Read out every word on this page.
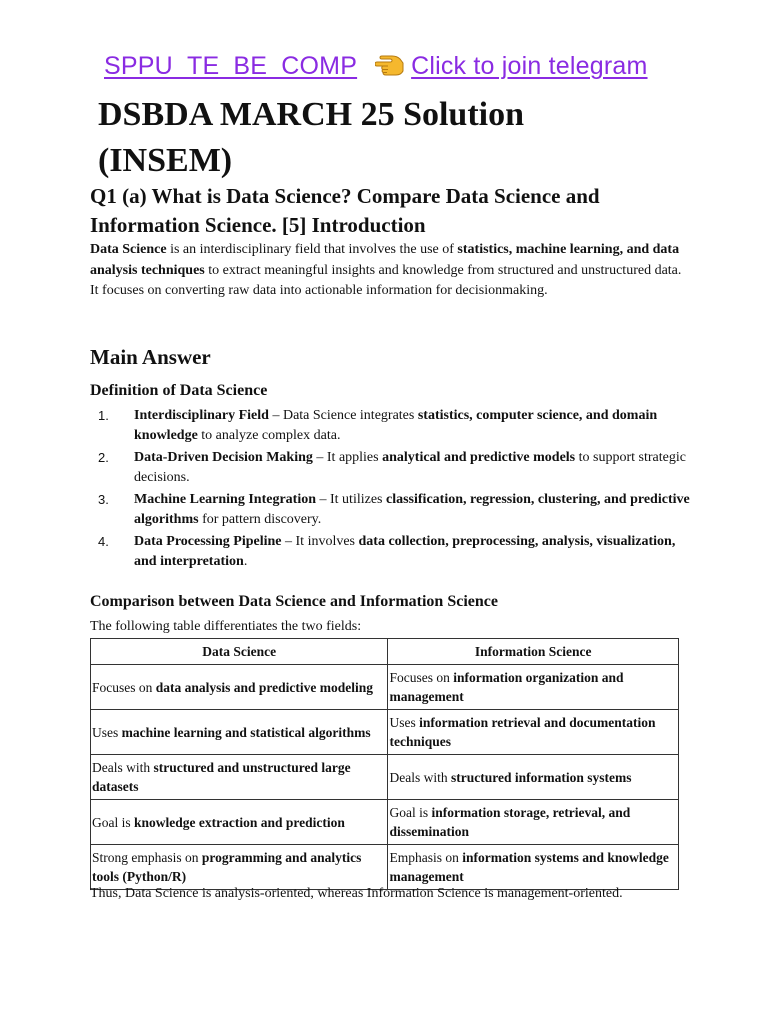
SPPU_TE_BE_COMP Click to join telegram
DSBDA MARCH 25 Solution (INSEM)
Q1 (a) What is Data Science? Compare Data Science and Information Science. [5] Introduction

Data Science is an interdisciplinary field that involves the use of statistics, machine learning, and data analysis techniques to extract meaningful insights and knowledge from structured and unstructured data. It focuses on converting raw data into actionable information for decisionmaking.

Main Answer
Definition of Data Science
1. Interdisciplinary Field – Data Science integrates statistics, computer science, and domain knowledge to analyze complex data.
2. Data-Driven Decision Making – It applies analytical and predictive models to support strategic decisions.
3. Machine Learning Integration – It utilizes classification, regression, clustering, and predictive algorithms for pattern discovery.
4. Data Processing Pipeline – It involves data collection, preprocessing, analysis, visualization, and interpretation.
Comparison between Data Science and Information Science

The following table differentiates the two fields:

Data Science	Information Science
Focuses on data analysis and predictive modeling	Focuses on information organization and management
Uses machine learning and statistical algorithms	Uses information retrieval and documentation techniques
Deals with structured and unstructured large datasets	Deals with structured information systems
Goal is knowledge extraction and prediction	Goal is information storage, retrieval, and dissemination
Strong emphasis on programming and analytics tools (Python/R)	Emphasis on information systems and knowledge management

Thus, Data Science is analysis-oriented, whereas Information Science is management-oriented.
